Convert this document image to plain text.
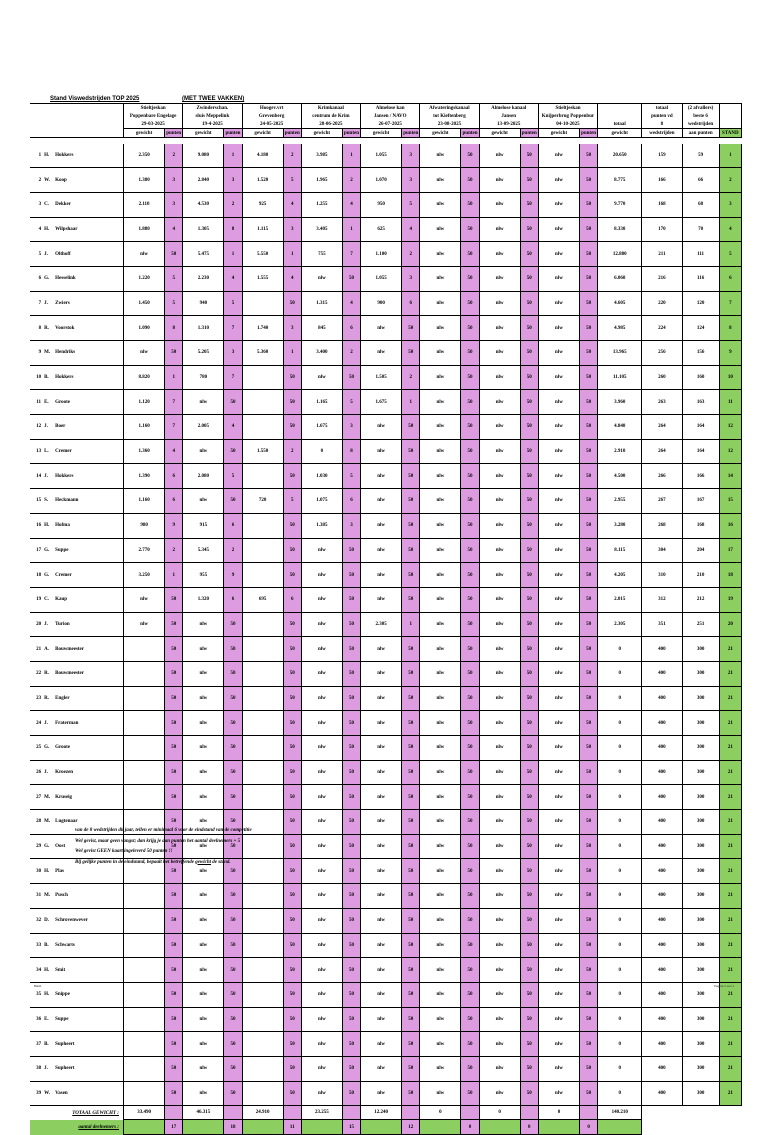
Stand Viswedstrijden TOP 2025	(MET TWEE VAKKEN)
			Stieltjeskan		Zwinderschan.		Hoogev.vrt		Krimkanaal		Almelose kan		Afwateringskanaal		Almelose kanaal		Stieltjeskan			totaal	(2 afvallers)	
			Poppenbare Engelage		sluis Meppelink		Grevenberg		centrum de Krim		Jansen / NAVO		tot Kieftenberg		Jansen		Knijperbrug Poppenbur			punten vd	beste 6	
			29-03-2025		19-4-2025		24-05-2025		28-06-2025		26-07-2025		23-08-2025		13-09-2025		04-10-2025		totaal	8	wedstrijden	
			gewicht	punten	gewicht	punten	gewicht	punten	gewicht	punten	gewicht	punten	gewicht	punten	gewicht	punten	gewicht	punten	gewicht	wedstrijden	aan punten	STAND

1	H.	Hokkers	2.350	2	9.080	1	4.180	2	3.985	1	1.055	3	nlw	50	nlw	50	nlw	50	20.650	159	59	1
2	W.	Koop	1.380	3	2.840	3	1.520	5	1.965	2	1.070	3	nlw	50	nlw	50	nlw	50	8.775	166	66	2
3	C.	Dekker	2.110	3	4.530	2	925	4	1.255	4	950	5	nlw	50	nlw	50	nlw	50	9.770	168	68	3
4	H.	Wilpshaar	1.880	4	1.305	8	1.115	3	3.405	1	625	4	nlw	50	nlw	50	nlw	50	8.330	170	70	4
5	J.	Olthoff	nlw	50	5.475	1	5.550	1	755	7	1.100	2	nlw	50	nlw	50	nlw	50	12.880	211	111	5
6	G.	Hesselink	1.220	5	2.230	4	1.555	4	nlw	50	1.055	3	nlw	50	nlw	50	nlw	50	6.060	216	116	6
7	J.	Zwiers	1.450	5	940	5		50	1.315	4	900	6	nlw	50	nlw	50	nlw	50	4.605	220	120	7
8	R.	Voorstok	1.090	8	1.310	7	1.740	3	845	6	nlw	50	nlw	50	nlw	50	nlw	50	4.985	224	124	8
9	M.	Hendriks	nlw	50	5.205	3	5.360	1	3.400	2	nlw	50	nlw	50	nlw	50	nlw	50	13.965	256	156	9
10	B.	Hokkers	8.820	1	780	7		50	nlw	50	1.505	2	nlw	50	nlw	50	nlw	50	11.105	260	160	10
11	E.	Groote	1.120	7	nlw	50		50	1.165	5	1.675	1	nlw	50	nlw	50	nlw	50	3.960	263	163	11
12	J.	Boer	1.160	7	2.005	4		50	1.675	3	nlw	50	nlw	50	nlw	50	nlw	50	4.840	264	164	12
13	L.	Cremer	1.360	4	nlw	50	1.550	2	0	8	nlw	50	nlw	50	nlw	50	nlw	50	2.910	264	164	12
14	J.	Hokkers	1.390	6	2.080	5		50	1.030	5	nlw	50	nlw	50	nlw	50	nlw	50	4.500	266	166	14
15	S.	Heckmann	1.160	6	nlw	50	720	5	1.075	6	nlw	50	nlw	50	nlw	50	nlw	50	2.955	267	167	15
16	H.	Hofma	980	9	915	6		50	1.385	3	nlw	50	nlw	50	nlw	50	nlw	50	3.280	268	168	16
17	G.	Suppe	2.770	2	5.345	2		50	nlw	50	nlw	50	nlw	50	nlw	50	nlw	50	8.115	304	204	17
18	G.	Cremer	3.250	1	955	9		50	nlw	50	nlw	50	nlw	50	nlw	50	nlw	50	4.205	310	210	18
19	C.	Kaup	nlw	50	1.320	6	695	6	nlw	50	nlw	50	nlw	50	nlw	50	nlw	50	2.015	312	212	19
20	J.	Turion	nlw	50	nlw	50		50	nlw	50	2.305	1	nlw	50	nlw	50	nlw	50	2.305	351	251	20
21	A.	Bouwmeester		50	nlw	50		50	nlw	50	nlw	50	nlw	50	nlw	50	nlw	50	0	400	300	21
22	R.	Bouwmeester		50	nlw	50		50	nlw	50	nlw	50	nlw	50	nlw	50	nlw	50	0	400	300	21
23	R.	Engler		50	nlw	50		50	nlw	50	nlw	50	nlw	50	nlw	50	nlw	50	0	400	300	21
24	J.	Fraterman		50	nlw	50		50	nlw	50	nlw	50	nlw	50	nlw	50	nlw	50	0	400	300	21
25	G.	Groote		50	nlw	50		50	nlw	50	nlw	50	nlw	50	nlw	50	nlw	50	0	400	300	21
26	J.	Kroezen		50	nlw	50		50	nlw	50	nlw	50	nlw	50	nlw	50	nlw	50	0	400	300	21
27	M.	Kruseig		50	nlw	50		50	nlw	50	nlw	50	nlw	50	nlw	50	nlw	50	0	400	300	21
28	M.	Lugtenaar		50	nlw	50		50	nlw	50	nlw	50	nlw	50	nlw	50	nlw	50	0	400	300	21
29	G.	Oost		50	nlw	50		50	nlw	50	nlw	50	nlw	50	nlw	50	nlw	50	0	400	300	21
30	H.	Plas		50	nlw	50		50	nlw	50	nlw	50	nlw	50	nlw	50	nlw	50	0	400	300	21
31	M.	Pusch		50	nlw	50		50	nlw	50	nlw	50	nlw	50	nlw	50	nlw	50	0	400	300	21
32	D.	Schrovenwever		50	nlw	50		50	nlw	50	nlw	50	nlw	50	nlw	50	nlw	50	0	400	300	21
33	B.	Schwarts		50	nlw	50		50	nlw	50	nlw	50	nlw	50	nlw	50	nlw	50	0	400	300	21
34	H.	Smit		50	nlw	50		50	nlw	50	nlw	50	nlw	50	nlw	50	nlw	50	0	400	300	21
35	H.	Snippe		50	nlw	50		50	nlw	50	nlw	50	nlw	50	nlw	50	nlw	50	0	400	300	21
36	E.	Suppe		50	nlw	50		50	nlw	50	nlw	50	nlw	50	nlw	50	nlw	50	0	400	300	21
37	B.	Supheert		50	nlw	50		50	nlw	50	nlw	50	nlw	50	nlw	50	nlw	50	0	400	300	21
38	J.	Supheert		50	nlw	50		50	nlw	50	nlw	50	nlw	50	nlw	50	nlw	50	0	400	300	21
39	W.	Vasen		50	nlw	50		50	nlw	50	nlw	50	nlw	50	nlw	50	nlw	50	0	400	300	21
TOTAAL GEWICHT :			33.490		46.315		24.910		23.255		12.240		0		0		0		140.210			
aantal deelnemers :				17		18		11		15		12		0		0		0				
van de 8 wedstrijden dit jaar, tellen er minimaal 6 voor de eindstand van de competitie
Wel gevist, maar geen vangst; dan krijg je aan punten het aantal deelnemers + 5
Wel gevist GEEN kaart ingeleverd 50 punten !!
Bij gelijke punten in de eindstand, bepaalt het betreffende gewicht de stand.
Blad1	Pagina 1 van 1
